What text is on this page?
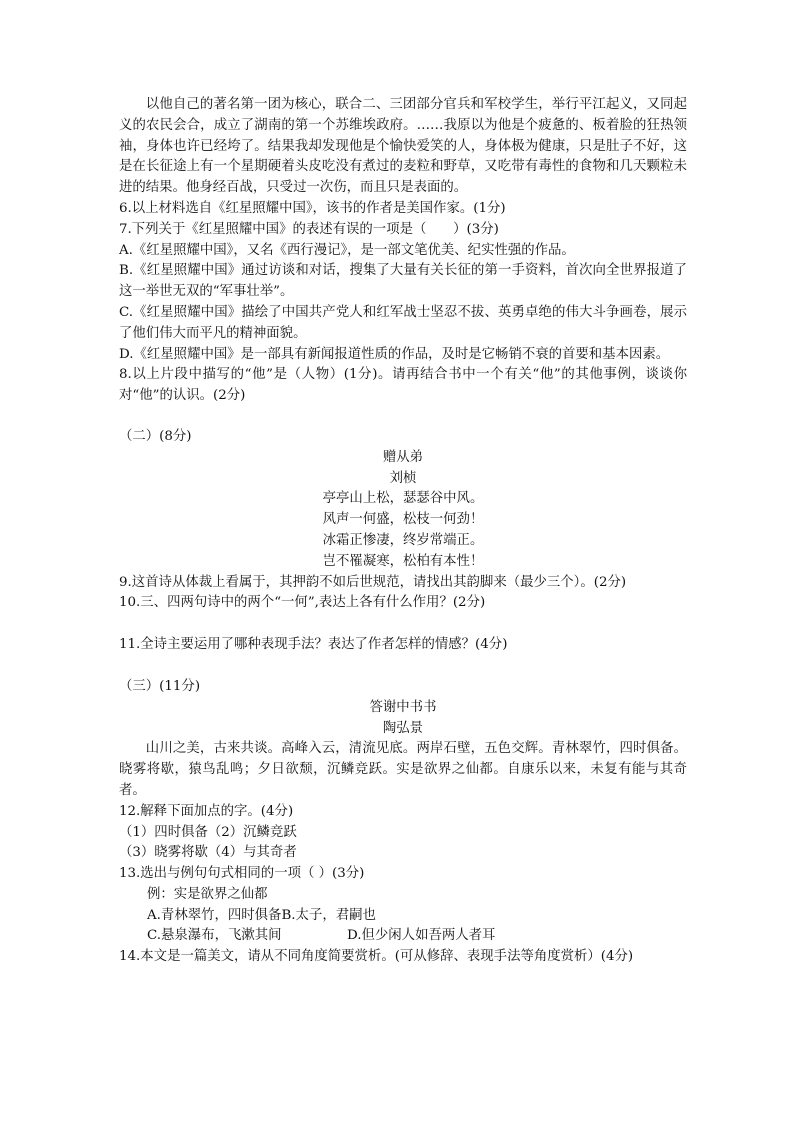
以他自己的著名第一团为核心，联合二、三团部分官兵和军校学生，举行平江起义，又同起义的农民会合，成立了湖南的第一个苏维埃政府。……我原以为他是个疲惫的、板着脸的狂热领袖，身体也许已经垮了。结果我却发现他是个愉快爱笑的人，身体极为健康，只是肚子不好，这是在长征途上有一个星期硬着头皮吃没有煮过的麦粒和野草，又吃带有毒性的食物和几天颗粒未进的结果。他身经百战，只受过一次伤，而且只是表面的。

6.以上材料选自《红星照耀中国》，该书的作者是美国作家。(1分)

7.下列关于《红星照耀中国》的表述有误的一项是（　　）(3分)

A.《红星照耀中国》，又名《西行漫记》，是一部文笔优美、纪实性强的作品。

B.《红星照耀中国》通过访谈和对话，搜集了大量有关长征的第一手资料，首次向全世界报道了这一举世无双的“军事壮举”。

C.《红星照耀中国》描绘了中国共产党人和红军战士坚忍不拔、英勇卓绝的伟大斗争画卷，展示了他们伟大而平凡的精神面貌。

D.《红星照耀中国》是一部具有新闻报道性质的作品，及时是它畅销不衰的首要和基本因素。

8.以上片段中描写的“他”是（人物）(1分)。请再结合书中一个有关“他”的其他事例，谈谈你对“他”的认识。(2分)

（二）(8分)

赠从弟

刘桢

亭亭山上松，瑟瑟谷中风。

风声一何盛，松枝一何劲！

冰霜正惨凄，终岁常端正。

岂不罹凝寒，松柏有本性！

9.这首诗从体裁上看属于，其押韵不如后世规范，请找出其韵脚来（最少三个）。(2分)

10.三、四两句诗中的两个“一何”,表达上各有什么作用？(2分)

11.全诗主要运用了哪种表现手法？表达了作者怎样的情感？(4分)

（三）(11分)

答谢中书书

陶弘景

山川之美，古来共谈。高峰入云，清流见底。两岸石壁，五色交辉。青林翠竹，四时俱备。晓雾将歇，猿鸟乱鸣；夕日欲颓，沉鳞竞跃。实是欲界之仙都。自康乐以来，未复有能与其奇者。

12.解释下面加点的字。(4分)

（1）四时俱备（2）沉鳞竞跃

（3）晓雾将歇（4）与其奇者

13.选出与例句句式相同的一项（ ）(3分)

例：实是欲界之仙都

A.青林翠竹，四时俱备B.太子，君嗣也

C.悬泉瀑布，飞漱其间	D.但少闲人如吾两人者耳

14.本文是一篇美文，请从不同角度简要赏析。(可从修辞、表现手法等角度赏析）(4分)
